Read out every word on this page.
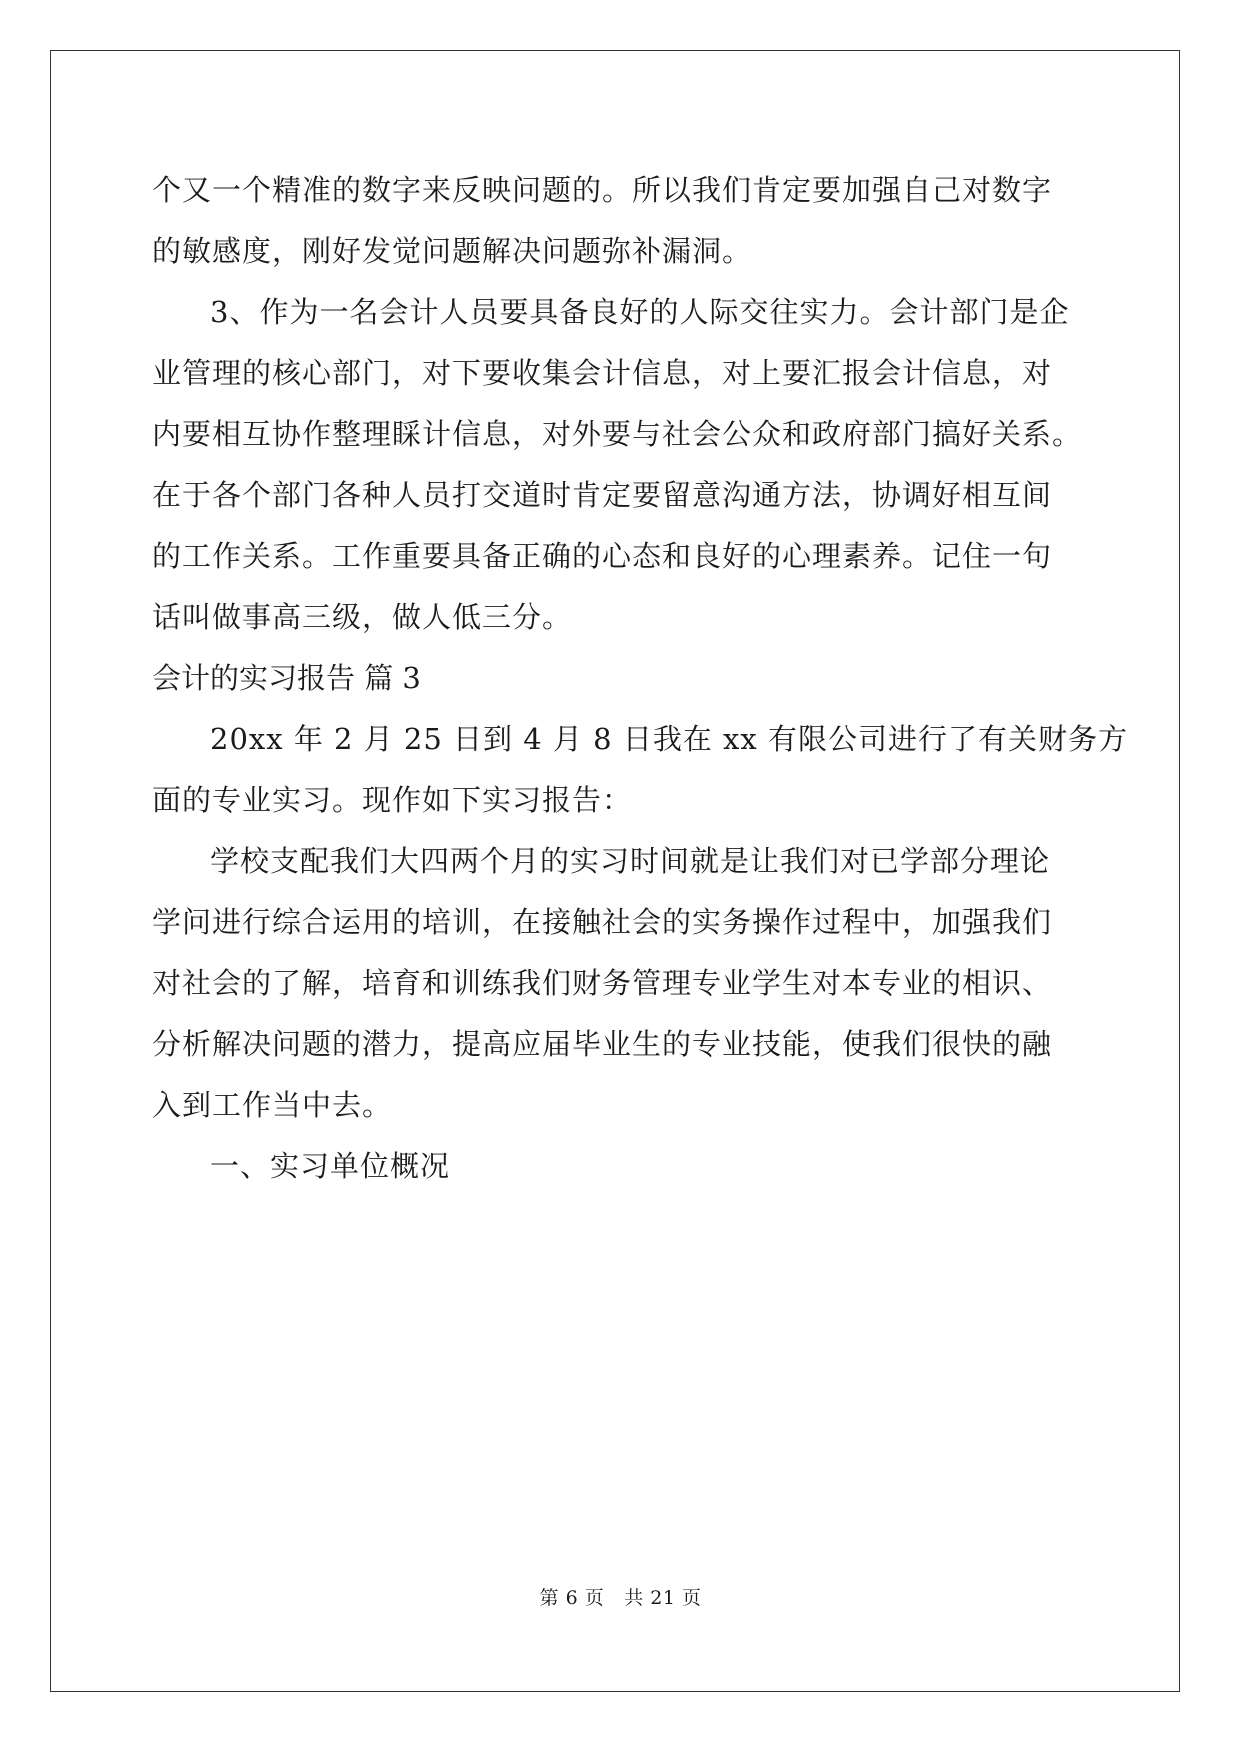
个又一个精准的数字来反映问题的。所以我们肯定要加强自己对数字
的敏感度，刚好发觉问题解决问题弥补漏洞。
3、作为一名会计人员要具备良好的人际交往实力。会计部门是企
业管理的核心部门，对下要收集会计信息，对上要汇报会计信息，对
内要相互协作整理睬计信息，对外要与社会公众和政府部门搞好关系。
在于各个部门各种人员打交道时肯定要留意沟通方法，协调好相互间
的工作关系。工作重要具备正确的心态和良好的心理素养。记住一句
话叫做事高三级，做人低三分。
会计的实习报告 篇 3
20xx 年 2 月 25 日到 4 月 8 日我在 xx 有限公司进行了有关财务方
面的专业实习。现作如下实习报告：
学校支配我们大四两个月的实习时间就是让我们对已学部分理论
学问进行综合运用的培训，在接触社会的实务操作过程中，加强我们
对社会的了解，培育和训练我们财务管理专业学生对本专业的相识、
分析解决问题的潜力，提高应届毕业生的专业技能，使我们很快的融
入到工作当中去。
一、实习单位概况
第 6 页 共 21 页
